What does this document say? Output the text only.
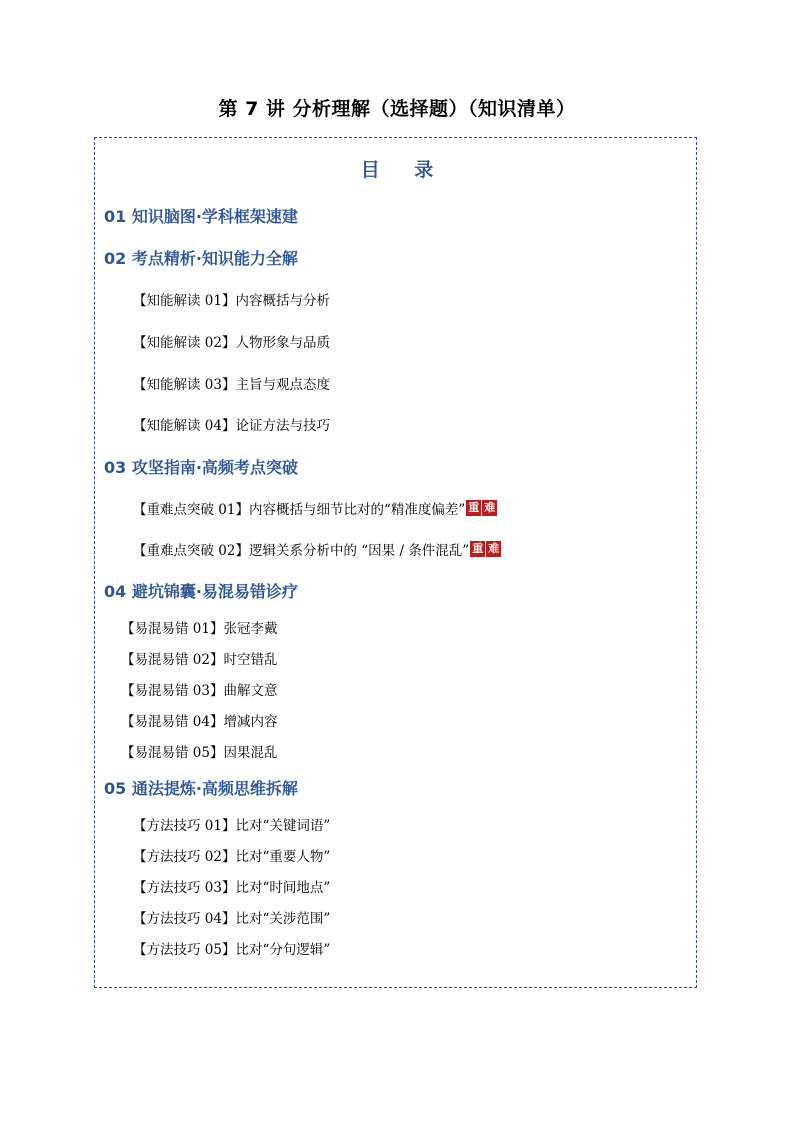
第 7 讲 分析理解（选择题）（知识清单）
目 录
01 知识脑图·学科框架速建
02 考点精析·知识能力全解
【知能解读 01】内容概括与分析
【知能解读 02】人物形象与品质
【知能解读 03】主旨与观点态度
【知能解读 04】论证方法与技巧
03 攻坚指南·高频考点突破
【重难点突破 01】内容概括与细节比对的“精准度偏差” 重 难
【重难点突破 02】逻辑关系分析中的 “因果 / 条件混乱” 重 难
04 避坑锦囊·易混易错诊疗
【易混易错 01】张冠李戴
【易混易错 02】时空错乱
【易混易错 03】曲解文意
【易混易错 04】增减内容
【易混易错 05】因果混乱
05 通法提炼·高频思维拆解
【方法技巧 01】比对“关键词语”
【方法技巧 02】比对“重要人物”
【方法技巧 03】比对“时间地点”
【方法技巧 04】比对“关涉范围”
【方法技巧 05】比对“分句逻辑”
